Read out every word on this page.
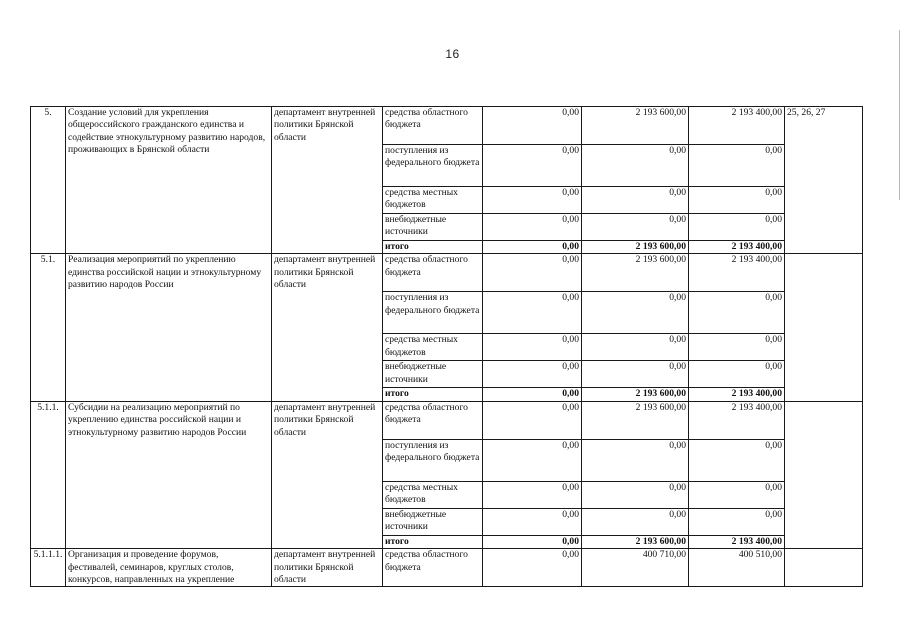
16
5.	Создание условий для укрепления общероссийского гражданского единства и содействие этнокультурному развитию народов, проживающих в Брянской области	департамент внутренней политики Брянской области	средства областного бюджета	0,00	2 193 600,00	2 193 400,00	25, 26, 27
			поступления из федерального бюджета	0,00	0,00	0,00	
			средства местных бюджетов	0,00	0,00	0,00	
			внебюджетные источники	0,00	0,00	0,00	
			итого	0,00	2 193 600,00	2 193 400,00	
5.1.	Реализация мероприятий по укреплению единства российской нации и этнокультурному развитию народов России	департамент внутренней политики Брянской области	средства областного бюджета	0,00	2 193 600,00	2 193 400,00	
			поступления из федерального бюджета	0,00	0,00	0,00	
			средства местных бюджетов	0,00	0,00	0,00	
			внебюджетные источники	0,00	0,00	0,00	
			итого	0,00	2 193 600,00	2 193 400,00	
5.1.1.	Субсидии на реализацию мероприятий по укреплению единства российской нации и этнокультурному развитию народов России	департамент внутренней политики Брянской области	средства областного бюджета	0,00	2 193 600,00	2 193 400,00	
			поступления из федерального бюджета	0,00	0,00	0,00	
			средства местных бюджетов	0,00	0,00	0,00	
			внебюджетные источники	0,00	0,00	0,00	
			итого	0,00	2 193 600,00	2 193 400,00	
5.1.1.1.	Организация и проведение форумов, фестивалей, семинаров, круглых столов, конкурсов, направленных на укрепление	департамент внутренней политики Брянской области	средства областного бюджета	0,00	400 710,00	400 510,00	
